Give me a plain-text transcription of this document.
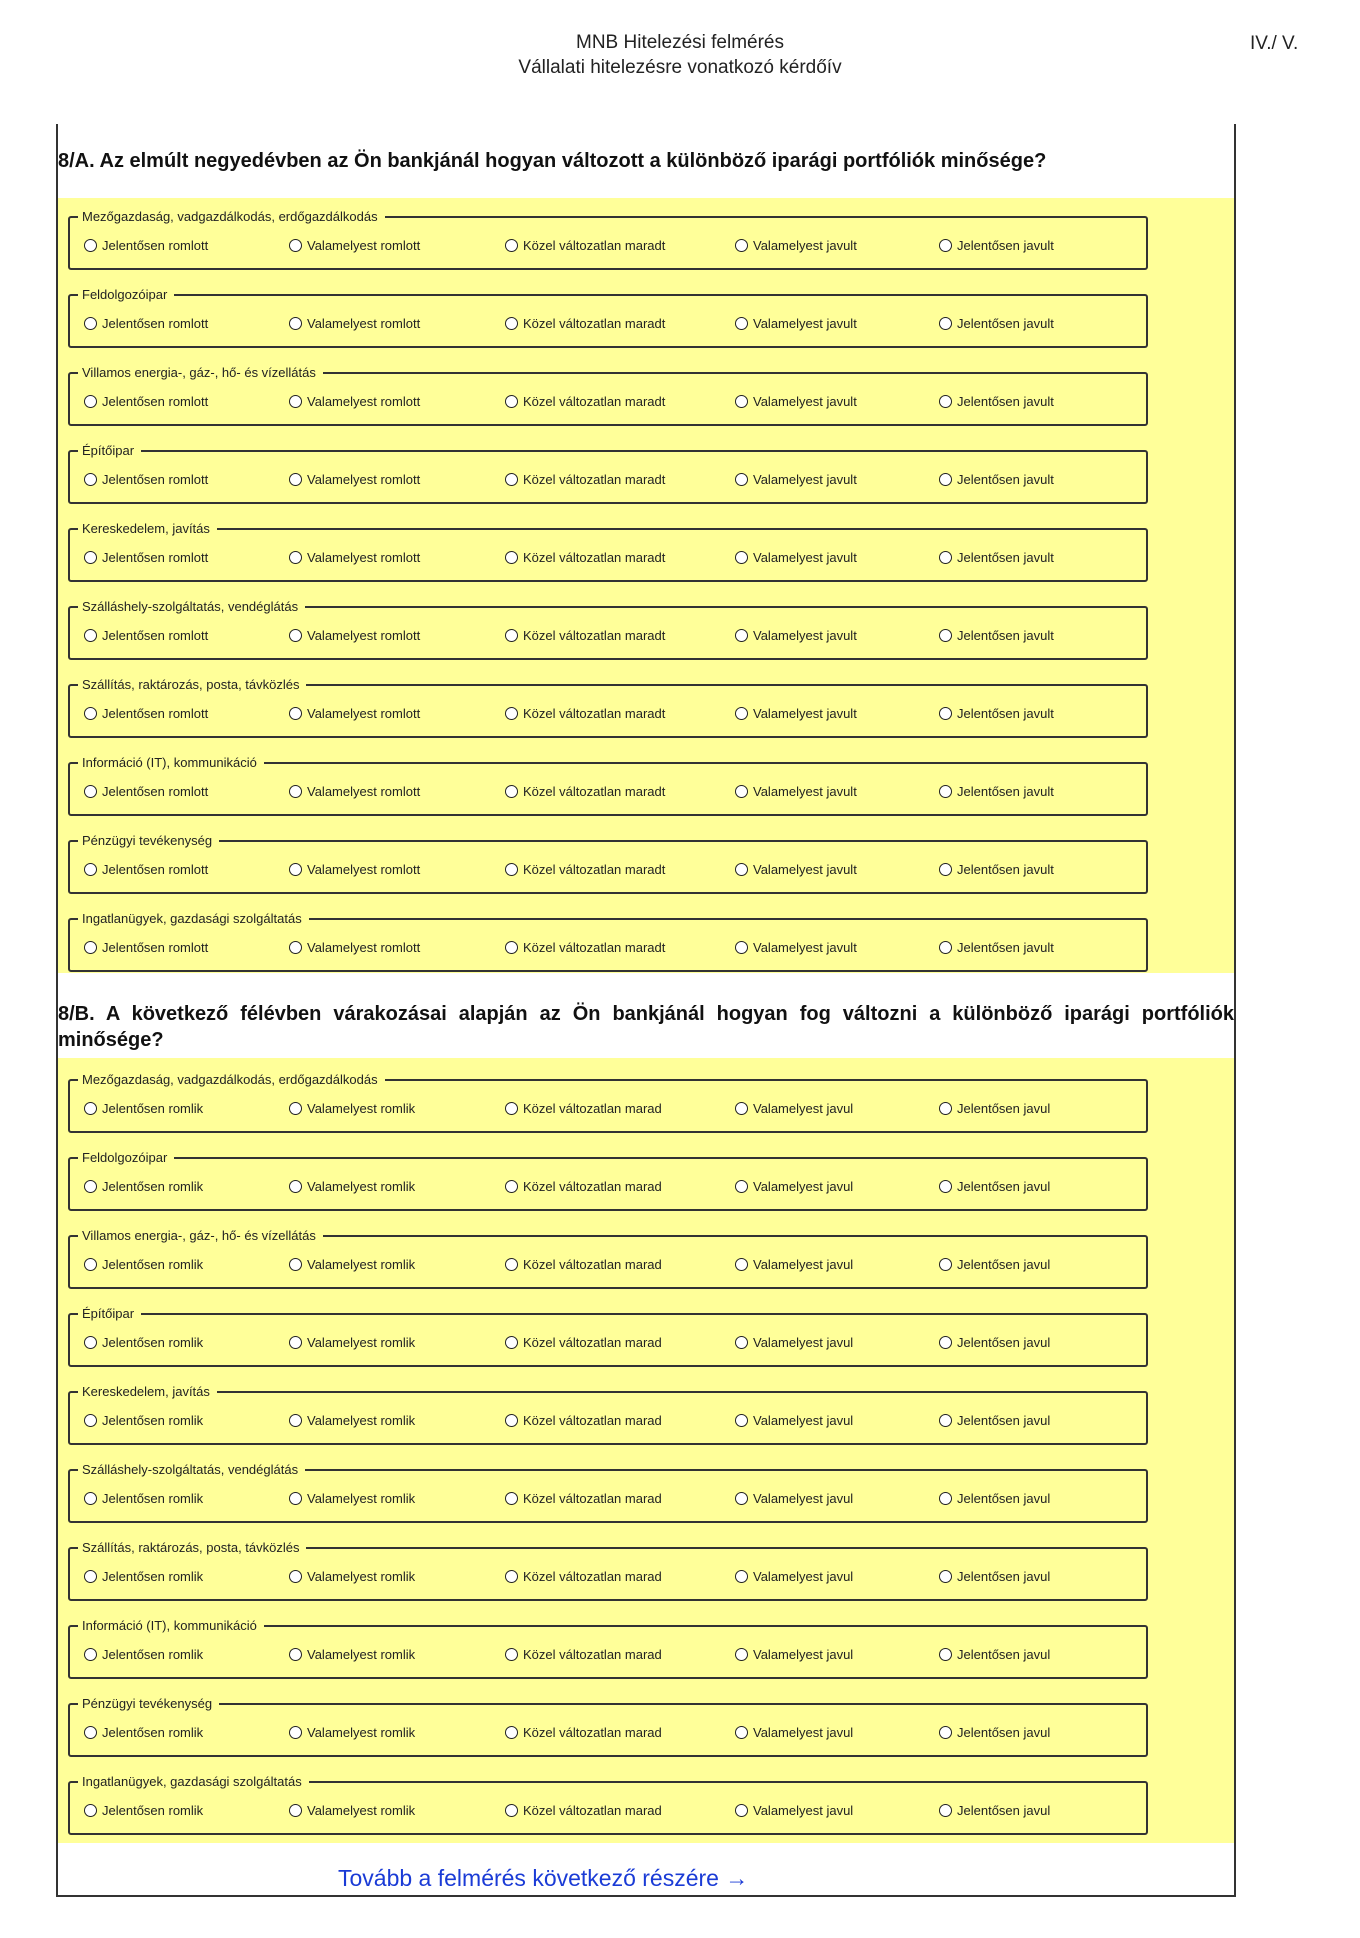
MNB Hitelezési felmérés
Vállalati hitelezésre vonatkozó kérdőív
IV./ V.
8/A. Az elmúlt negyedévben az Ön bankjánál hogyan változott a különböző iparági portfóliók minősége?
8/B. A következő félévben várakozásai alapján az Ön bankjánál hogyan fog változni a különböző iparági portfóliók minősége?
Mezőgazdaság, vadgazdálkodás, erdőgazdálkodás
Jelentősen romlott	Valamelyest romlott	Közel változatlan maradt	Valamelyest javult	Jelentősen javult
Feldolgozóipar
Jelentősen romlott	Valamelyest romlott	Közel változatlan maradt	Valamelyest javult	Jelentősen javult
Villamos energia-, gáz-, hő- és vízellátás
Jelentősen romlott	Valamelyest romlott	Közel változatlan maradt	Valamelyest javult	Jelentősen javult
Építőipar
Jelentősen romlott	Valamelyest romlott	Közel változatlan maradt	Valamelyest javult	Jelentősen javult
Kereskedelem, javítás
Jelentősen romlott	Valamelyest romlott	Közel változatlan maradt	Valamelyest javult	Jelentősen javult
Szálláshely-szolgáltatás, vendéglátás
Jelentősen romlott	Valamelyest romlott	Közel változatlan maradt	Valamelyest javult	Jelentősen javult
Szállítás, raktározás, posta, távközlés
Jelentősen romlott	Valamelyest romlott	Közel változatlan maradt	Valamelyest javult	Jelentősen javult
Információ (IT), kommunikáció
Jelentősen romlott	Valamelyest romlott	Közel változatlan maradt	Valamelyest javult	Jelentősen javult
Pénzügyi tevékenység
Jelentősen romlott	Valamelyest romlott	Közel változatlan maradt	Valamelyest javult	Jelentősen javult
Ingatlanügyek, gazdasági szolgáltatás
Jelentősen romlott	Valamelyest romlott	Közel változatlan maradt	Valamelyest javult	Jelentősen javult
Mezőgazdaság, vadgazdálkodás, erdőgazdálkodás
Jelentősen romlik	Valamelyest romlik	Közel változatlan marad	Valamelyest javul	Jelentősen javul
Feldolgozóipar
Jelentősen romlik	Valamelyest romlik	Közel változatlan marad	Valamelyest javul	Jelentősen javul
Villamos energia-, gáz-, hő- és vízellátás
Jelentősen romlik	Valamelyest romlik	Közel változatlan marad	Valamelyest javul	Jelentősen javul
Építőipar
Jelentősen romlik	Valamelyest romlik	Közel változatlan marad	Valamelyest javul	Jelentősen javul
Kereskedelem, javítás
Jelentősen romlik	Valamelyest romlik	Közel változatlan marad	Valamelyest javul	Jelentősen javul
Szálláshely-szolgáltatás, vendéglátás
Jelentősen romlik	Valamelyest romlik	Közel változatlan marad	Valamelyest javul	Jelentősen javul
Szállítás, raktározás, posta, távközlés
Jelentősen romlik	Valamelyest romlik	Közel változatlan marad	Valamelyest javul	Jelentősen javul
Információ (IT), kommunikáció
Jelentősen romlik	Valamelyest romlik	Közel változatlan marad	Valamelyest javul	Jelentősen javul
Pénzügyi tevékenység
Jelentősen romlik	Valamelyest romlik	Közel változatlan marad	Valamelyest javul	Jelentősen javul
Ingatlanügyek, gazdasági szolgáltatás
Jelentősen romlik	Valamelyest romlik	Közel változatlan marad	Valamelyest javul	Jelentősen javul
Tovább a felmérés következő részére →
